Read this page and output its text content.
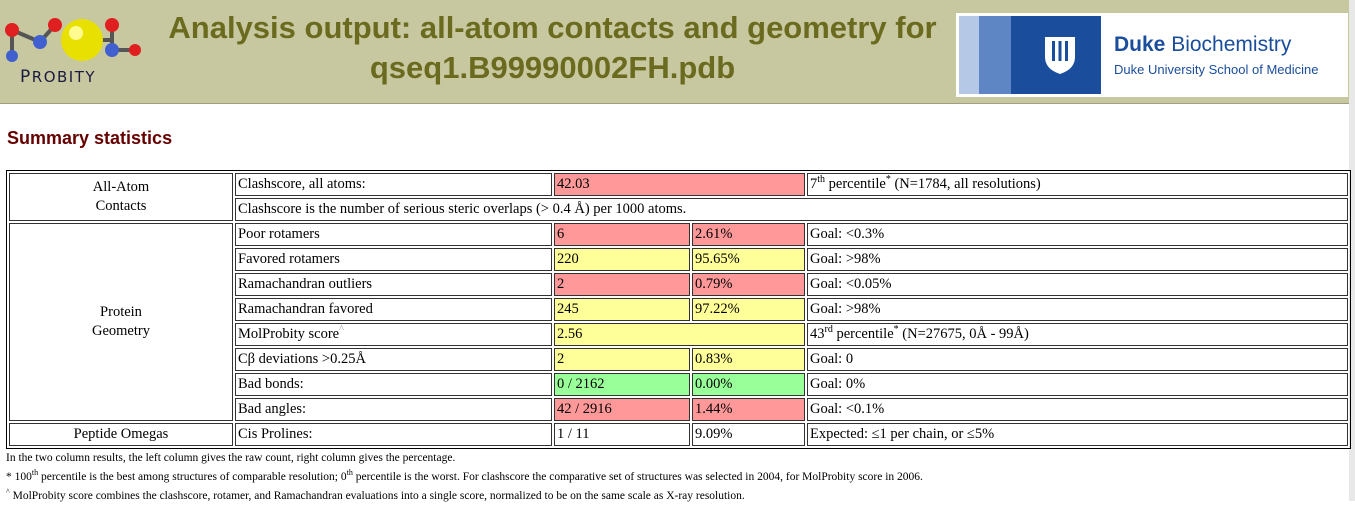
PROBITY
Analysis output: all-atom contacts and geometry for
qseq1.B99990002FH.pdb
Duke Biochemistry
Duke University School of Medicine
Summary statistics
All-Atom
Contacts	Clashscore, all atoms:	42.03		7th percentile* (N=1784, all resolutions)
	Clashscore is the number of serious steric overlaps (> 0.4 Å) per 1000 atoms.			
Protein
Geometry	Poor rotamers	6	2.61%	Goal: <0.3%
	Favored rotamers	220	95.65%	Goal: >98%
	Ramachandran outliers	2	0.79%	Goal: <0.05%
	Ramachandran favored	245	97.22%	Goal: >98%
	MolProbity score^	2.56		43rd percentile* (N=27675, 0Å - 99Å)
	Cβ deviations >0.25Å	2	0.83%	Goal: 0
	Bad bonds:	0 / 2162	0.00%	Goal: 0%
	Bad angles:	42 / 2916	1.44%	Goal: <0.1%
Peptide Omegas	Cis Prolines:	1 / 11	9.09%	Expected: ≤1 per chain, or ≤5%
In the two column results, the left column gives the raw count, right column gives the percentage.
* 100th percentile is the best among structures of comparable resolution; 0th percentile is the worst. For clashscore the comparative set of structures was selected in 2004, for MolProbity score in 2006.
^ MolProbity score combines the clashscore, rotamer, and Ramachandran evaluations into a single score, normalized to be on the same scale as X-ray resolution.
